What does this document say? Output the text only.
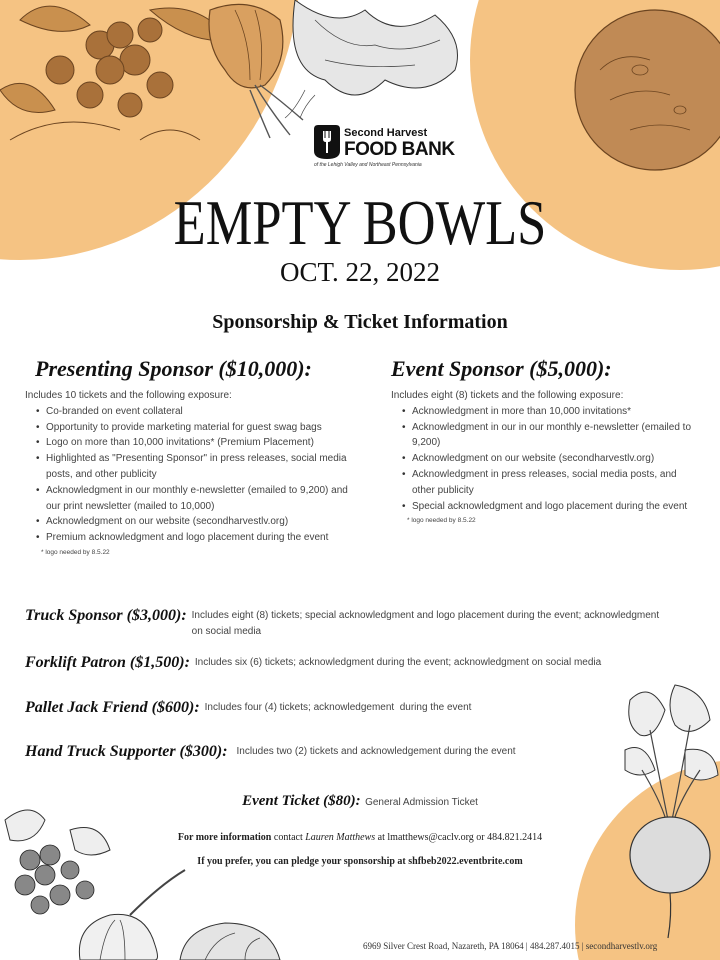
Second Harvest
FOOD BANK
of the Lehigh Valley and Northeast Pennsylvania
EMPTY BOWLS
OCT. 22, 2022
Sponsorship & Ticket Information
Presenting Sponsor ($10,000):
Includes 10 tickets and the following exposure:
• Co-branded on event collateral
• Opportunity to provide marketing material for guest swag bags
• Logo on more than 10,000 invitations* (Premium Placement)
• Highlighted as "Presenting Sponsor" in press releases, social media posts, and other publicity
• Acknowledgment in our monthly e-newsletter (emailed to 9,200) and our print newsletter (mailed to 10,000)
• Acknowledgment on our website (secondharvestlv.org)
• Premium acknowledgment and logo placement during the event
* logo needed by 8.5.22
Event Sponsor ($5,000):
Includes eight (8) tickets and the following exposure:
• Acknowledgment in more than 10,000 invitations*
• Acknowledgment in our in our monthly e-newsletter (emailed to 9,200)
• Acknowledgment on our website (secondharvestlv.org)
• Acknowledgment in press releases, social media posts, and other publicity
• Special acknowledgment and logo placement during the event
* logo needed by 8.5.22
Truck Sponsor ($3,000): Includes eight (8) tickets; special acknowledgment and logo placement during the event; acknowledgment on social media
Forklift Patron ($1,500): Includes six (6) tickets; acknowledgment during the event; acknowledgment on social media
Pallet Jack Friend ($600): Includes four (4) tickets; acknowledgement  during the event
Hand Truck Supporter ($300): Includes two (2) tickets and acknowledgement during the event
Event Ticket ($80): General Admission Ticket
For more information contact Lauren Matthews at lmatthews@caclv.org or 484.821.2414
If you prefer, you can pledge your sponsorship at shfbeb2022.eventbrite.com
6969 Silver Crest Road, Nazareth, PA 18064 | 484.287.4015 | secondharvestlv.org
